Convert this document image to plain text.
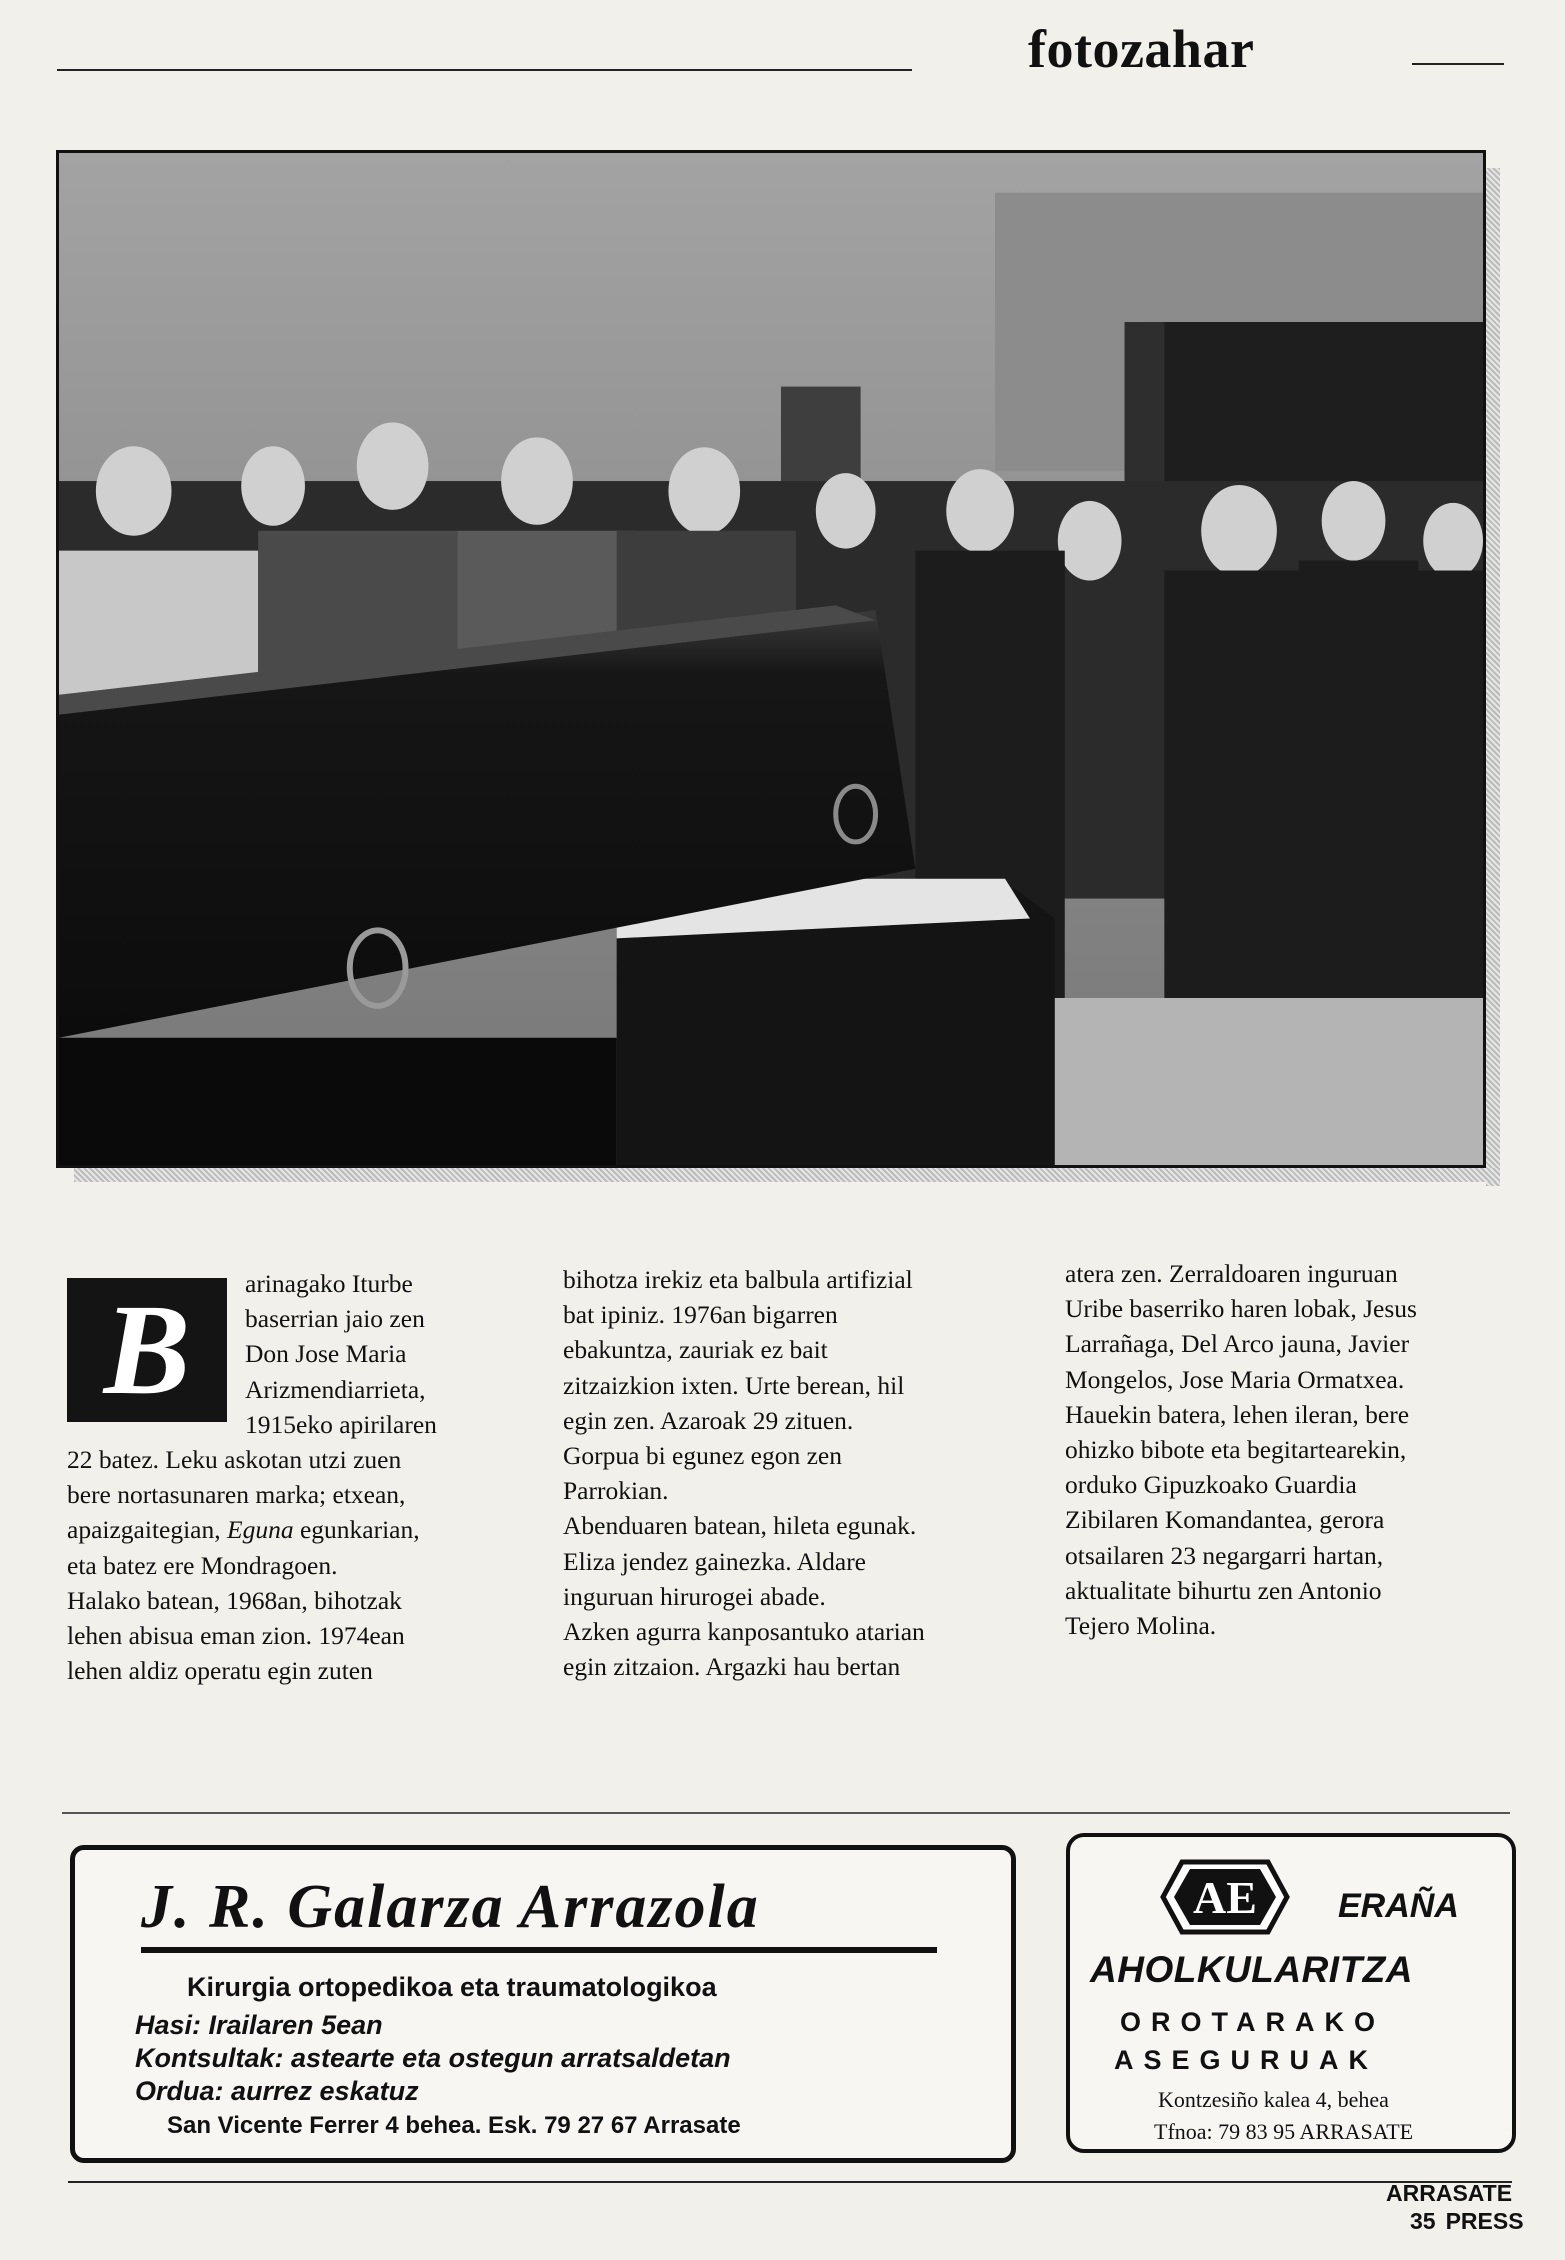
fotozahar
B	arinagako Iturbe
baserrian jaio zen
Don Jose Maria
Arizmendiarrieta,
1915eko apirilaren
22 batez. Leku askotan utzi zuen
bere nortasunaren marka; etxean,
apaizgaitegian, Eguna egunkarian,
eta batez ere Mondragoen.
Halako batean, 1968an, bihotzak
lehen abisua eman zion. 1974ean
lehen aldiz operatu egin zuten
bihotza irekiz eta balbula artifizial
bat ipiniz. 1976an bigarren
ebakuntza, zauriak ez bait
zitzaizkion ixten. Urte berean, hil
egin zen. Azaroak 29 zituen.
Gorpua bi egunez egon zen
Parrokian.
Abenduaren batean, hileta egunak.
Eliza jendez gainezka. Aldare
inguruan hirurogei abade.
Azken agurra kanposantuko atarian
egin zitzaion. Argazki hau bertan
atera zen. Zerraldoaren inguruan
Uribe baserriko haren lobak, Jesus
Larrañaga, Del Arco jauna, Javier
Mongelos, Jose Maria Ormatxea.
Hauekin batera, lehen ileran, bere
ohizko bibote eta begitartearekin,
orduko Gipuzkoako Guardia
Zibilaren Komandantea, gerora
otsailaren 23 negargarri hartan,
aktualitate bihurtu zen Antonio
Tejero Molina.
J. R. Galarza Arrazola
Kirurgia ortopedikoa eta traumatologikoa
Hasi: Irailaren 5ean
Kontsultak: astearte eta ostegun arratsaldetan
Ordua: aurrez eskatuz
San Vicente Ferrer 4 behea. Esk. 79 27 67 Arrasate
AE ERAÑA
AHOLKULARITZA
OROTARAKO
ASEGURUAK
Kontzesiño kalea 4, behea
Tfnoa: 79 83 95 ARRASATE
ARRASATE
35 PRESS
